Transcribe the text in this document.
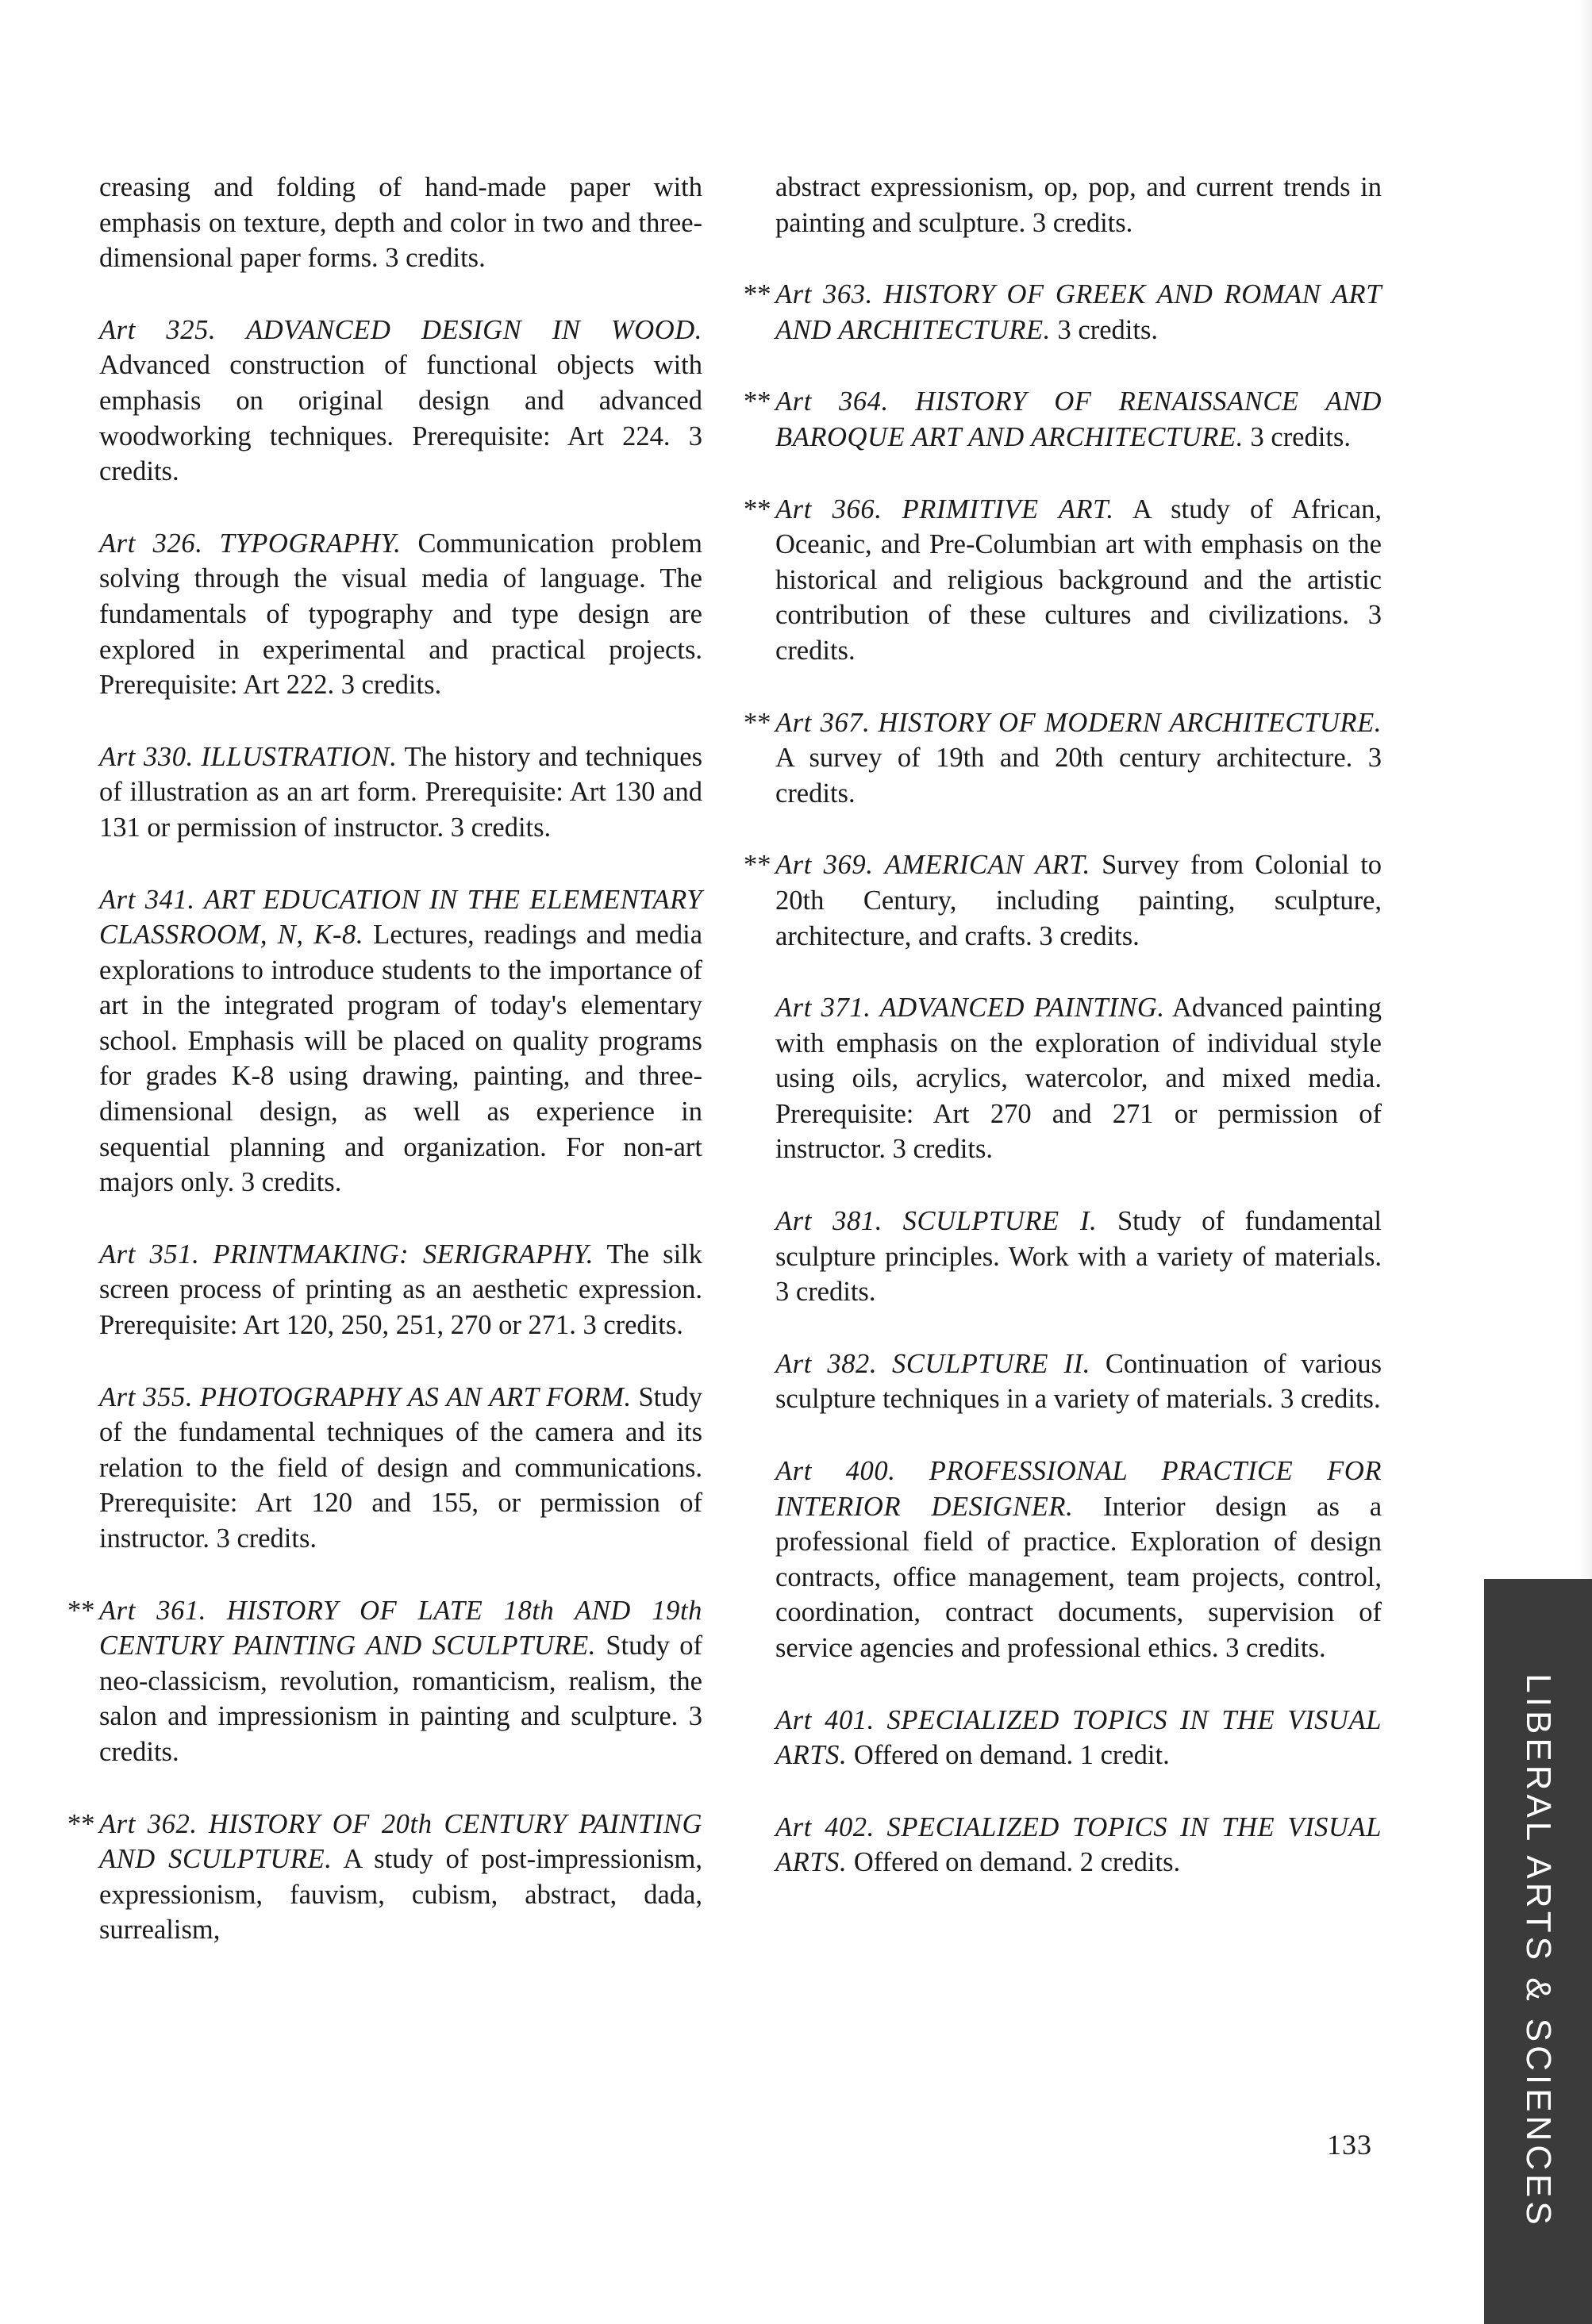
creasing and folding of hand-made paper with emphasis on texture, depth and color in two and three-dimensional paper forms. 3 credits.

Art 325. ADVANCED DESIGN IN WOOD. Advanced construction of functional objects with emphasis on original design and advanced woodworking techniques. Prerequisite: Art 224. 3 credits.

Art 326. TYPOGRAPHY. Communication problem solving through the visual media of language. The fundamentals of typography and type design are explored in experimental and practical projects. Prerequisite: Art 222. 3 credits.

Art 330. ILLUSTRATION. The history and techniques of illustration as an art form. Prerequisite: Art 130 and 131 or permission of instructor. 3 credits.

Art 341. ART EDUCATION IN THE ELEMENTARY CLASSROOM, N, K-8. Lectures, readings and media explorations to introduce students to the importance of art in the integrated program of today's elementary school. Emphasis will be placed on quality programs for grades K-8 using drawing, painting, and three-dimensional design, as well as experience in sequential planning and organization. For non-art majors only. 3 credits.

Art 351. PRINTMAKING: SERIGRAPHY. The silk screen process of printing as an aesthetic expression. Prerequisite: Art 120, 250, 251, 270 or 271. 3 credits.

Art 355. PHOTOGRAPHY AS AN ART FORM. Study of the fundamental techniques of the camera and its relation to the field of design and communications. Prerequisite: Art 120 and 155, or permission of instructor. 3 credits.

** Art 361. HISTORY OF LATE 18th AND 19th CENTURY PAINTING AND SCULPTURE. Study of neo-classicism, revolution, romanticism, realism, the salon and impressionism in painting and sculpture. 3 credits.

** Art 362. HISTORY OF 20th CENTURY PAINTING AND SCULPTURE. A study of post-impressionism, expressionism, fauvism, cubism, abstract, dada, surrealism,

abstract expressionism, op, pop, and current trends in painting and sculpture. 3 credits.

** Art 363. HISTORY OF GREEK AND ROMAN ART AND ARCHITECTURE. 3 credits.

** Art 364. HISTORY OF RENAISSANCE AND BAROQUE ART AND ARCHITECTURE. 3 credits.

** Art 366. PRIMITIVE ART. A study of African, Oceanic, and Pre-Columbian art with emphasis on the historical and religious background and the artistic contribution of these cultures and civilizations. 3 credits.

** Art 367. HISTORY OF MODERN ARCHITECTURE. A survey of 19th and 20th century architecture. 3 credits.

** Art 369. AMERICAN ART. Survey from Colonial to 20th Century, including painting, sculpture, architecture, and crafts. 3 credits.

Art 371. ADVANCED PAINTING. Advanced painting with emphasis on the exploration of individual style using oils, acrylics, watercolor, and mixed media. Prerequisite: Art 270 and 271 or permission of instructor. 3 credits.

Art 381. SCULPTURE I. Study of fundamental sculpture principles. Work with a variety of materials. 3 credits.

Art 382. SCULPTURE II. Continuation of various sculpture techniques in a variety of materials. 3 credits.

Art 400. PROFESSIONAL PRACTICE FOR INTERIOR DESIGNER. Interior design as a professional field of practice. Exploration of design contracts, office management, team projects, control, coordination, contract documents, supervision of service agencies and professional ethics. 3 credits.

Art 401. SPECIALIZED TOPICS IN THE VISUAL ARTS. Offered on demand. 1 credit.

Art 402. SPECIALIZED TOPICS IN THE VISUAL ARTS. Offered on demand. 2 credits.

133	LIBERAL ARTS & SCIENCES
